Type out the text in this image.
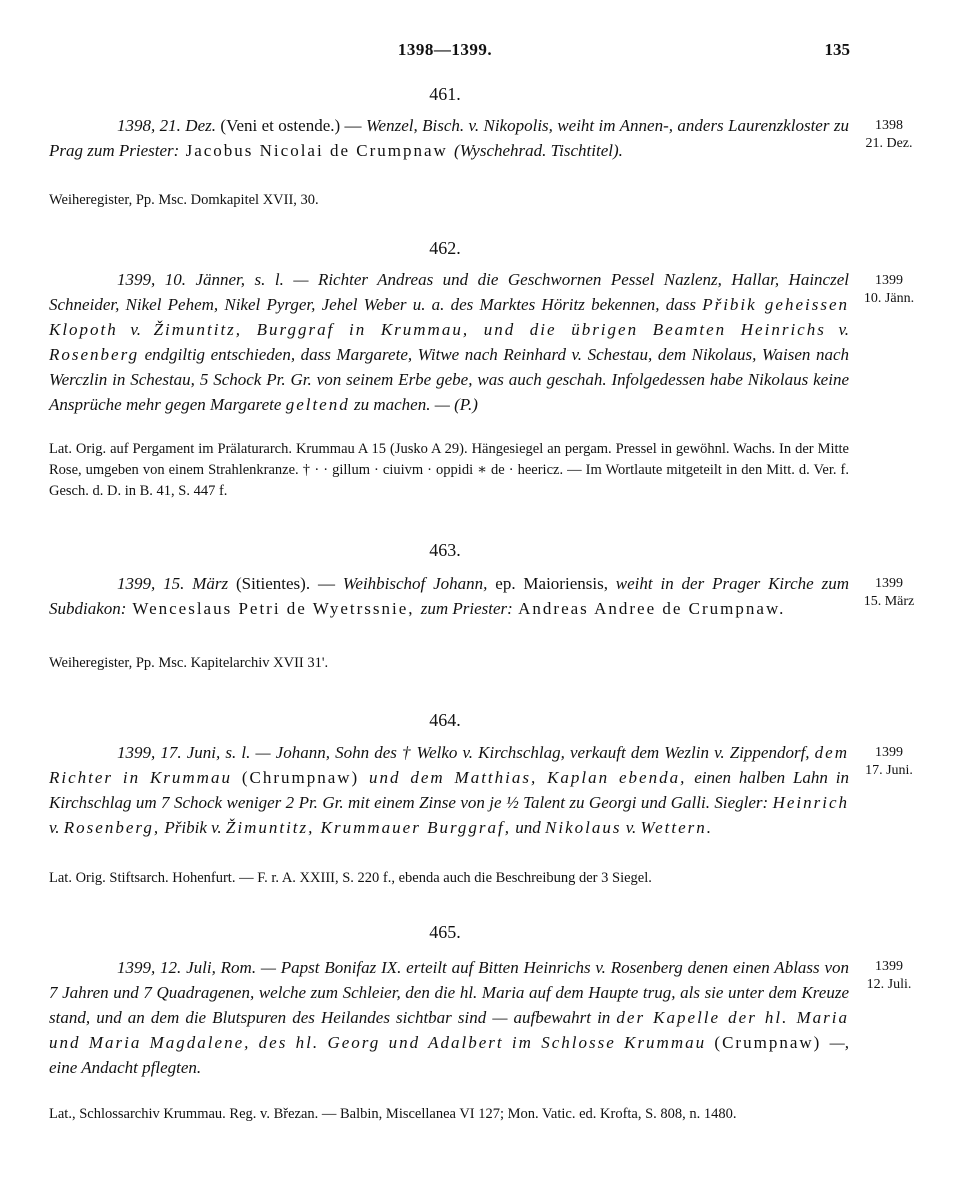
1398—1399.	135
461.
1398, 21. Dez. (Veni et ostende.) — Wenzel, Bisch. v. Nikopolis, weiht im Annen-, anders Laurenzkloster zu Prag zum Priester: Jacobus Nicolai de Crumpnaw (Wyschehrad. Tischtitel).
Weiheregister, Pp. Msc. Domkapitel XVII, 30.
1398
21. Dez.
462.
1399, 10. Jänner, s. l. — Richter Andreas und die Geschwornen Pessel Nazlenz, Hallar, Hainczel Schneider, Nikel Pehem, Nikel Pyrger, Jehel Weber u. a. des Marktes Höritz bekennen, dass Přibik geheissen Klopoth v. Žimuntitz, Burggraf in Krummau, und die übrigen Beamten Heinrichs v. Rosenberg endgiltig entschieden, dass Margarete, Witwe nach Reinhard v. Schestau, dem Nikolaus, Waisen nach Werczlin in Schestau, 5 Schock Pr. Gr. von seinem Erbe gebe, was auch geschah. Infolgedessen habe Nikolaus keine Ansprüche mehr gegen Margarete geltend zu machen. — (P.)
Lat. Orig. auf Pergament im Prälaturarch. Krummau A 15 (Jusko A 29). Hängesiegel an pergam. Pressel in gewöhnl. Wachs. In der Mitte Rose, umgeben von einem Strahlenkranze. † · · gillum · ciuivm · oppidi ∗ de · heericz. — Im Wortlaute mitgeteilt in den Mitt. d. Ver. f. Gesch. d. D. in B. 41, S. 447 f.
1399
10. Jänn.
463.
1399, 15. März (Sitientes). — Weihbischof Johann, ep. Maioriensis, weiht in der Prager Kirche zum Subdiakon: Wenceslaus Petri de Wyetrssnie, zum Priester: Andreas Andree de Crumpnaw.
Weiheregister, Pp. Msc. Kapitelarchiv XVII 31'.
1399
15. März
464.
1399, 17. Juni, s. l. — Johann, Sohn des † Welko v. Kirchschlag, verkauft dem Wezlin v. Zippendorf, dem Richter in Krummau (Chrumpnaw) und dem Matthias, Kaplan ebenda, einen halben Lahn in Kirchschlag um 7 Schock weniger 2 Pr. Gr. mit einem Zinse von je ½ Talent zu Georgi und Galli. Siegler: Heinrich v. Rosenberg, Přibik v. Žimuntitz, Krummauer Burggraf, und Nikolaus v. Wettern.
Lat. Orig. Stiftsarch. Hohenfurt. — F. r. A. XXIII, S. 220 f., ebenda auch die Beschreibung der 3 Siegel.
1399
17. Juni.
465.
1399, 12. Juli, Rom. — Papst Bonifaz IX. erteilt auf Bitten Heinrichs v. Rosenberg denen einen Ablass von 7 Jahren und 7 Quadragenen, welche zum Schleier, den die hl. Maria auf dem Haupte trug, als sie unter dem Kreuze stand, und an dem die Blutspuren des Heilandes sichtbar sind — aufbewahrt in der Kapelle der hl. Maria und Maria Magdalene, des hl. Georg und Adalbert im Schlosse Krummau (Crumpnaw) —, eine Andacht pflegten.
Lat., Schlossarchiv Krummau. Reg. v. Březan. — Balbin, Miscellanea VI 127; Mon. Vatic. ed. Krofta, S. 808, n. 1480.
1399
12. Juli.
